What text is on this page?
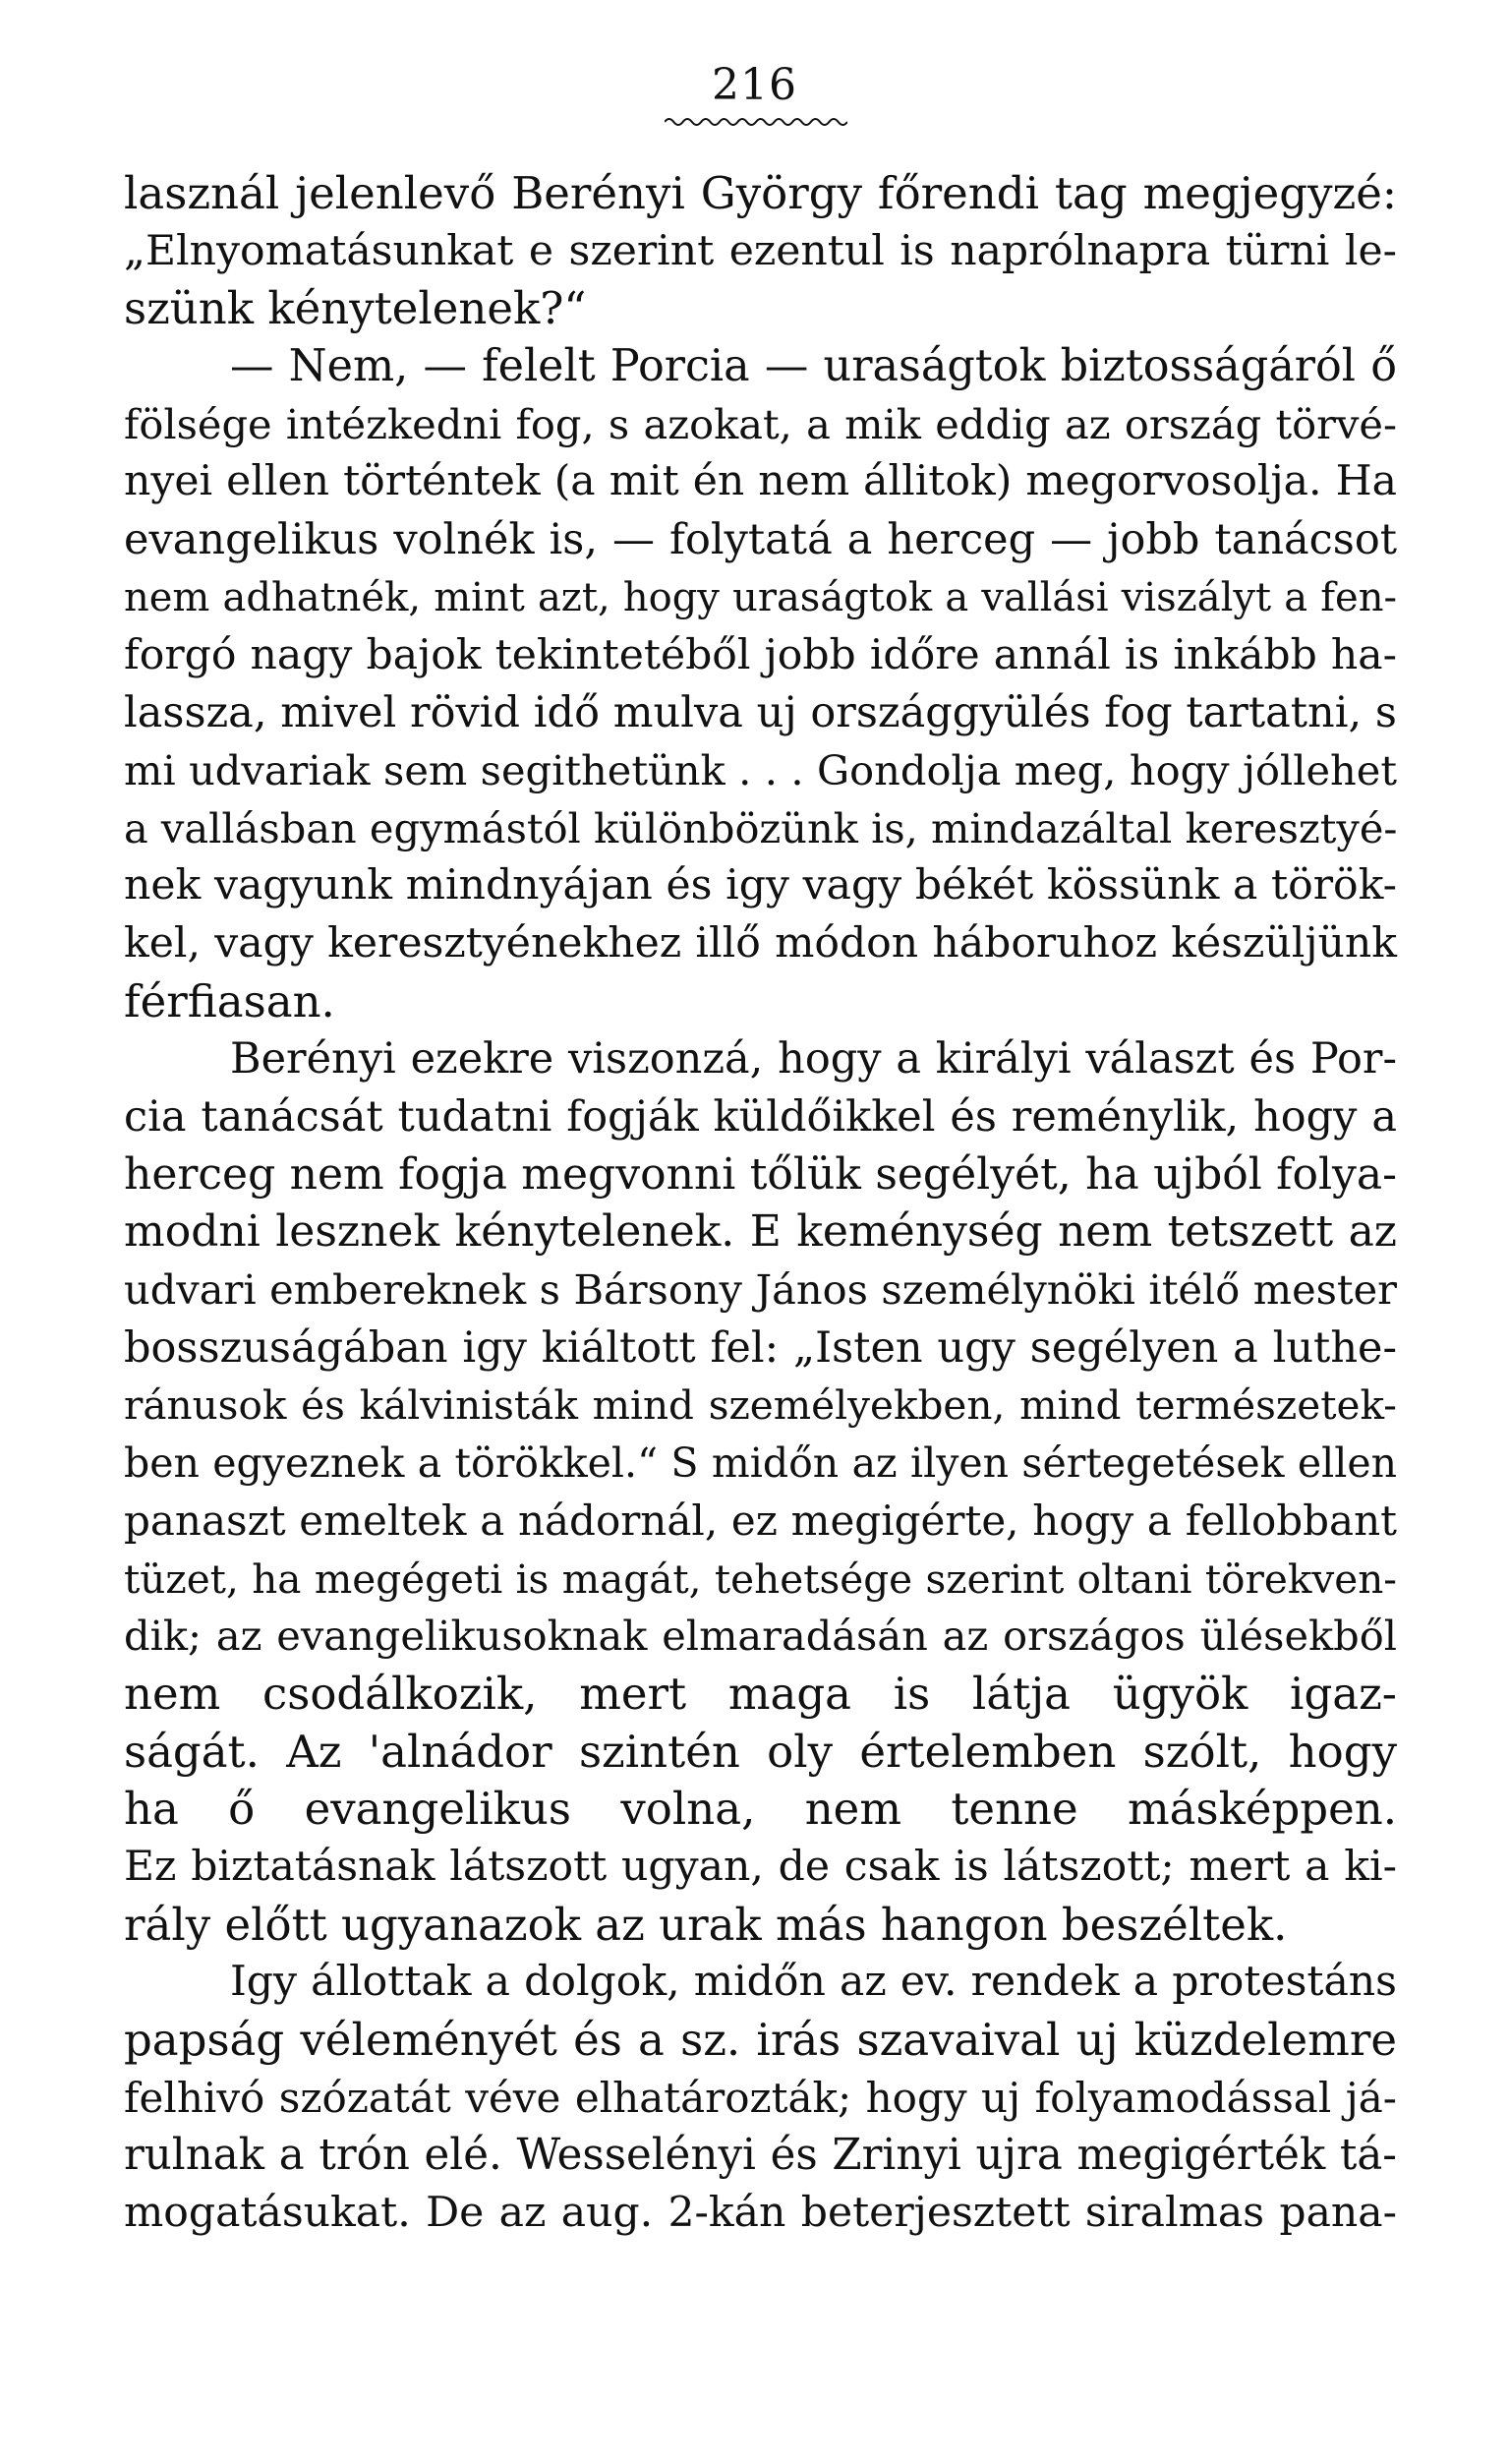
216
lasznál jelenlevő Berényi György főrendi tag megjegyzé:
„Elnyomatásunkat e szerint ezentul is naprólnapra türni le-
szünk kénytelenek?“
— Nem, — felelt Porcia — uraságtok biztosságáról ő
fölsége intézkedni fog, s azokat, a mik eddig az ország törvé-
nyei ellen történtek (a mit én nem állitok) megorvosolja. Ha
evangelikus volnék is, — folytatá a herceg — jobb tanácsot
nem adhatnék, mint azt, hogy uraságtok a vallási viszályt a fen-
forgó nagy bajok tekintetéből jobb időre annál is inkább ha-
lassza, mivel rövid idő mulva uj országgyülés fog tartatni, s
mi udvariak sem segithetünk . . . Gondolja meg, hogy jóllehet
a vallásban egymástól különbözünk is, mindazáltal keresztyé-
nek vagyunk mindnyájan és igy vagy békét kössünk a török-
kel, vagy keresztyénekhez illő módon háboruhoz készüljünk
férfiasan.
Berényi ezekre viszonzá, hogy a királyi választ és Por-
cia tanácsát tudatni fogják küldőikkel és reménylik, hogy a
herceg nem fogja megvonni tőlük segélyét, ha ujból folya-
modni lesznek kénytelenek. E keménység nem tetszett az
udvari embereknek s Bársony János személynöki itélő mester
bosszuságában igy kiáltott fel: „Isten ugy segélyen a luthe-
ránusok és kálvinisták mind személyekben, mind természetek-
ben egyeznek a törökkel.“ S midőn az ilyen sértegetések ellen
panaszt emeltek a nádornál, ez megigérte, hogy a fellobbant
tüzet, ha megégeti is magát, tehetsége szerint oltani törekven-
dik; az evangelikusoknak elmaradásán az országos ülésekből
nem csodálkozik, mert maga is látja ügyök igaz-
ságát. Az 'alnádor szintén oly értelemben szólt, hogy
ha ő evangelikus volna, nem tenne másképpen.
Ez biztatásnak látszott ugyan, de csak is látszott; mert a ki-
rály előtt ugyanazok az urak más hangon beszéltek.
Igy állottak a dolgok, midőn az ev. rendek a protestáns
papság véleményét és a sz. irás szavaival uj küzdelemre
felhivó szózatát véve elhatározták; hogy uj folyamodással já-
rulnak a trón elé. Wesselényi és Zrinyi ujra megigérték tá-
mogatásukat. De az aug. 2-kán beterjesztett siralmas pana-
